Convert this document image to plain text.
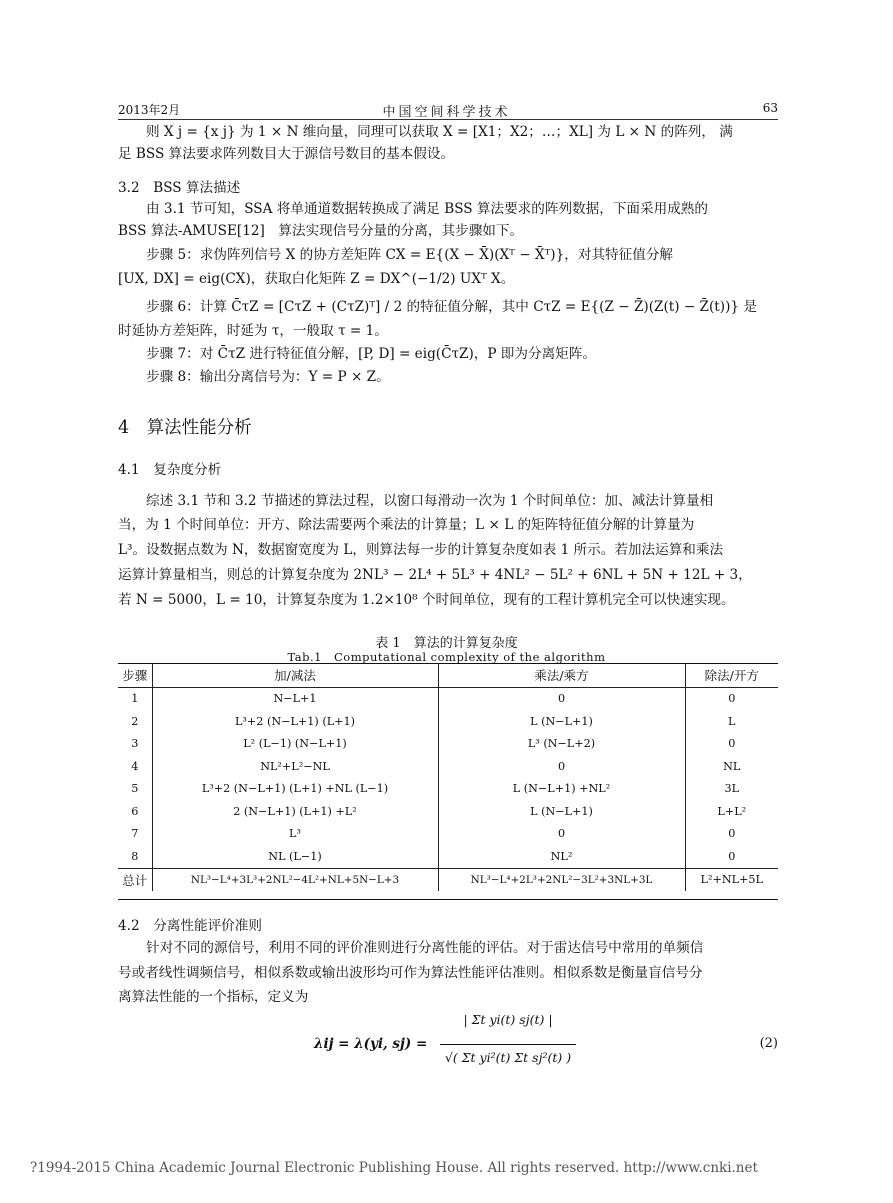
2013年2月	中国空间科学技术	63
则 X j = {x j} 为 1 × N 维向量，同理可以获取 X = [X1；X2；…；XL] 为 L × N 的阵列， 满
足 BSS 算法要求阵列数目大于源信号数目的基本假设。
3.2　BSS 算法描述
由 3.1 节可知，SSA 将单通道数据转换成了满足 BSS 算法要求的阵列数据，下面采用成熟的
BSS 算法-AMUSE[12]　算法实现信号分量的分离，其步骤如下。
步骤 5：求伪阵列信号 X 的协方差矩阵 CX = E{(X − X̄)(Xᵀ − X̄ᵀ)}，对其特征值分解
[UX, DX] = eig(CX)，获取白化矩阵 Z = DX^(−1/2) UXᵀ X。
步骤 6：计算 C̄τZ = [CτZ + (CτZ)ᵀ] / 2 的特征值分解，其中 CτZ = E{(Z − Z̄)(Z(t) − Z̄(t))} 是
时延协方差矩阵，时延为 τ，一般取 τ = 1。
步骤 7：对 C̄τZ 进行特征值分解，[P, D] = eig(C̄τZ)，P 即为分离矩阵。
步骤 8：输出分离信号为：Y = P × Z。
4　算法性能分析
4.1　复杂度分析
综述 3.1 节和 3.2 节描述的算法过程，以窗口每滑动一次为 1 个时间单位：加、减法计算量相
当，为 1 个时间单位：开方、除法需要两个乘法的计算量；L × L 的矩阵特征值分解的计算量为
L³。设数据点数为 N，数据窗宽度为 L，则算法每一步的计算复杂度如表 1 所示。若加法运算和乘法
运算计算量相当，则总的计算复杂度为 2NL³ − 2L⁴ + 5L³ + 4NL² − 5L² + 6NL + 5N + 12L + 3，
若 N = 5000，L = 10，计算复杂度为 1.2×10⁸ 个时间单位，现有的工程计算机完全可以快速实现。
表 1　算法的计算复杂度
Tab.1　Computational complexity of the algorithm
步骤	加/减法	乘法/乘方	除法/开方
1	N−L+1	0	0
2	L³+2 (N−L+1) (L+1)	L (N−L+1)	L
3	L² (L−1) (N−L+1)	L³ (N−L+2)	0
4	NL²+L²−NL	0	NL
5	L³+2 (N−L+1) (L+1) +NL (L−1)	L (N−L+1) +NL²	3L
6	2 (N−L+1) (L+1) +L²	L (N−L+1)	L+L²
7	L³	0	0
8	NL (L−1)	NL²	0
总计	NL³−L⁴+3L³+2NL²−4L²+NL+5N−L+3	NL³−L⁴+2L³+2NL²−3L²+3NL+3L	L²+NL+5L
4.2　分离性能评价准则
针对不同的源信号，利用不同的评价准则进行分离性能的评估。对于雷达信号中常用的单频信
号或者线性调频信号，相似系数或输出波形均可作为算法性能评估准则。相似系数是衡量盲信号分
离算法性能的一个指标，定义为
λij = λ(yi, sj) =
| Σt yi(t) sj(t) |
√( Σt yi²(t) Σt sj²(t) )
(2)
?1994-2015 China Academic Journal Electronic Publishing House. All rights reserved. http://www.cnki.net
